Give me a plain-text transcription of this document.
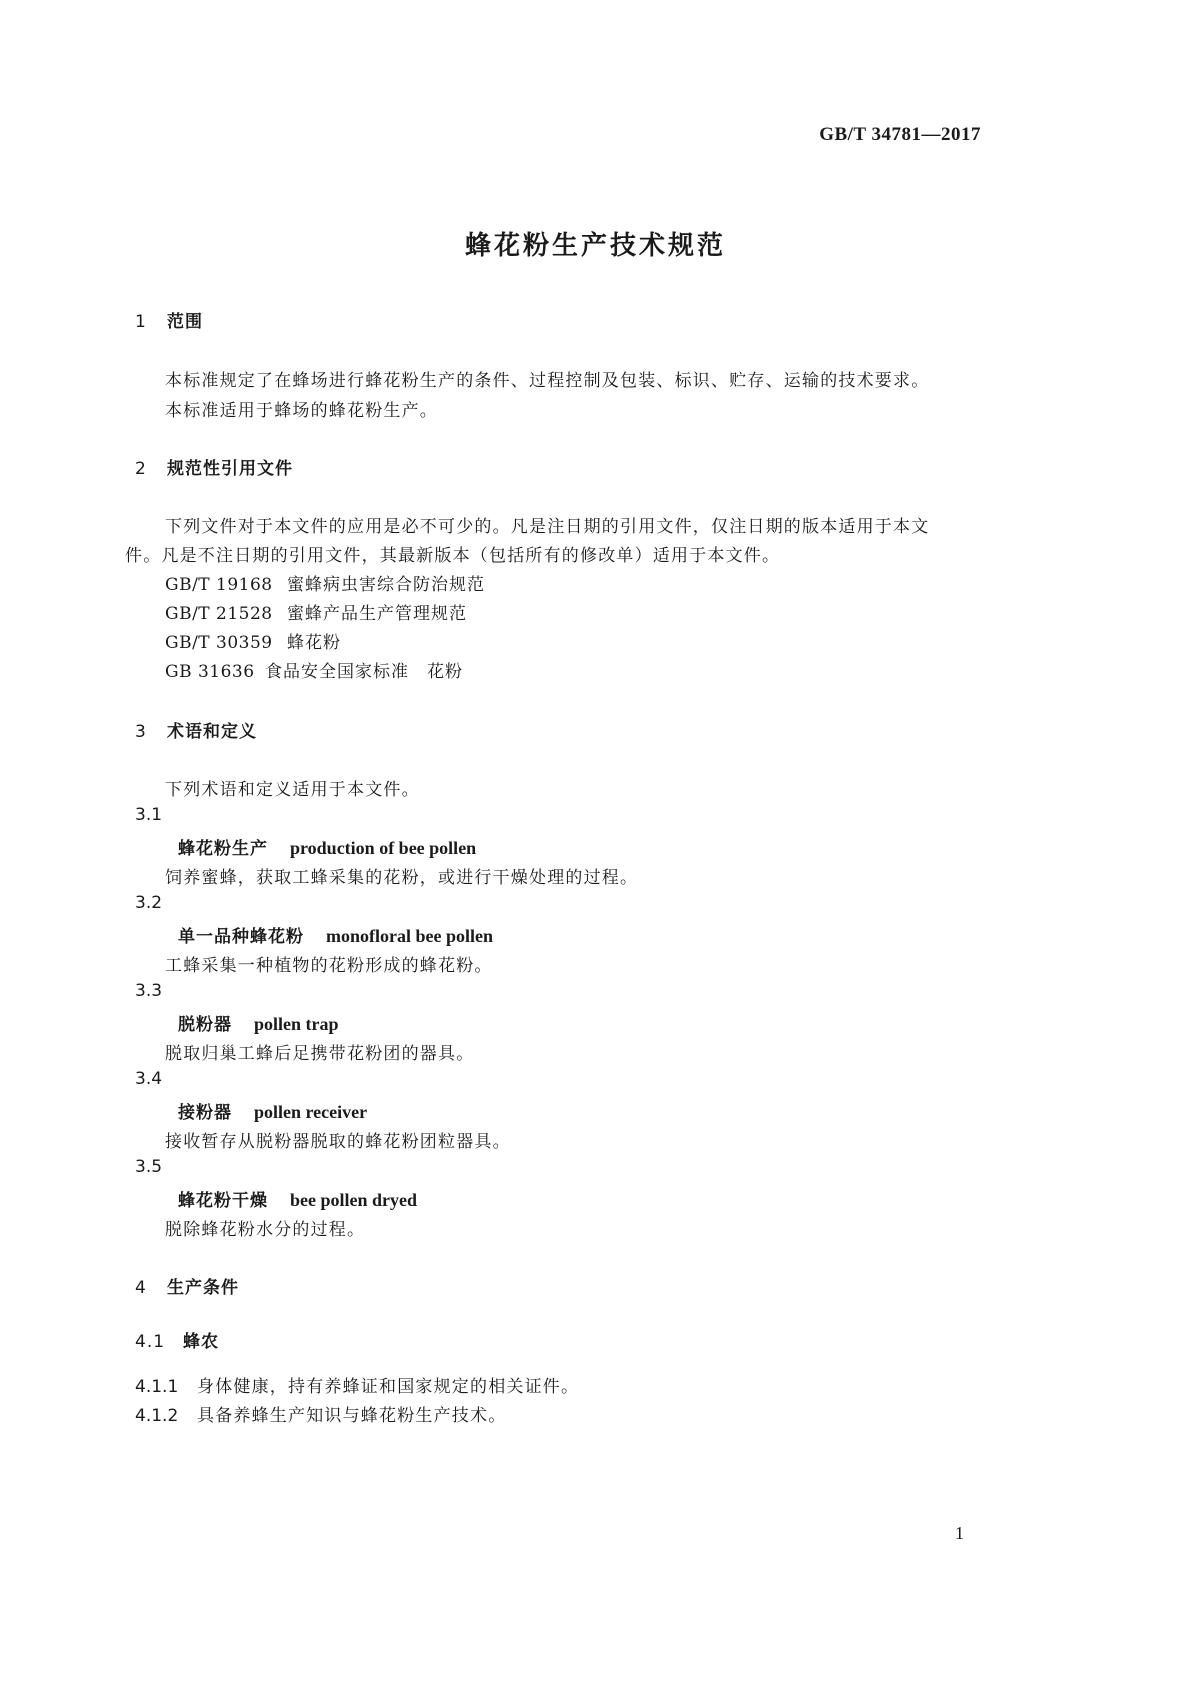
GB/T 34781—2017
蜂花粉生产技术规范
1 范围
本标准规定了在蜂场进行蜂花粉生产的条件、过程控制及包装、标识、贮存、运输的技术要求。
本标准适用于蜂场的蜂花粉生产。
2 规范性引用文件
下列文件对于本文件的应用是必不可少的。凡是注日期的引用文件，仅注日期的版本适用于本文
件。凡是不注日期的引用文件，其最新版本（包括所有的修改单）适用于本文件。
GB/T 19168 蜜蜂病虫害综合防治规范
GB/T 21528 蜜蜂产品生产管理规范
GB/T 30359 蜂花粉
GB 31636 食品安全国家标准　花粉
3 术语和定义
下列术语和定义适用于本文件。
3.1
蜂花粉生产 production of bee pollen
饲养蜜蜂，获取工蜂采集的花粉，或进行干燥处理的过程。
3.2
单一品种蜂花粉 monofloral bee pollen
工蜂采集一种植物的花粉形成的蜂花粉。
3.3
脱粉器 pollen trap
脱取归巢工蜂后足携带花粉团的器具。
3.4
接粉器 pollen receiver
接收暂存从脱粉器脱取的蜂花粉团粒器具。
3.5
蜂花粉干燥 bee pollen dryed
脱除蜂花粉水分的过程。
4 生产条件
4.1 蜂农
4.1.1 身体健康，持有养蜂证和国家规定的相关证件。
4.1.2 具备养蜂生产知识与蜂花粉生产技术。
1
